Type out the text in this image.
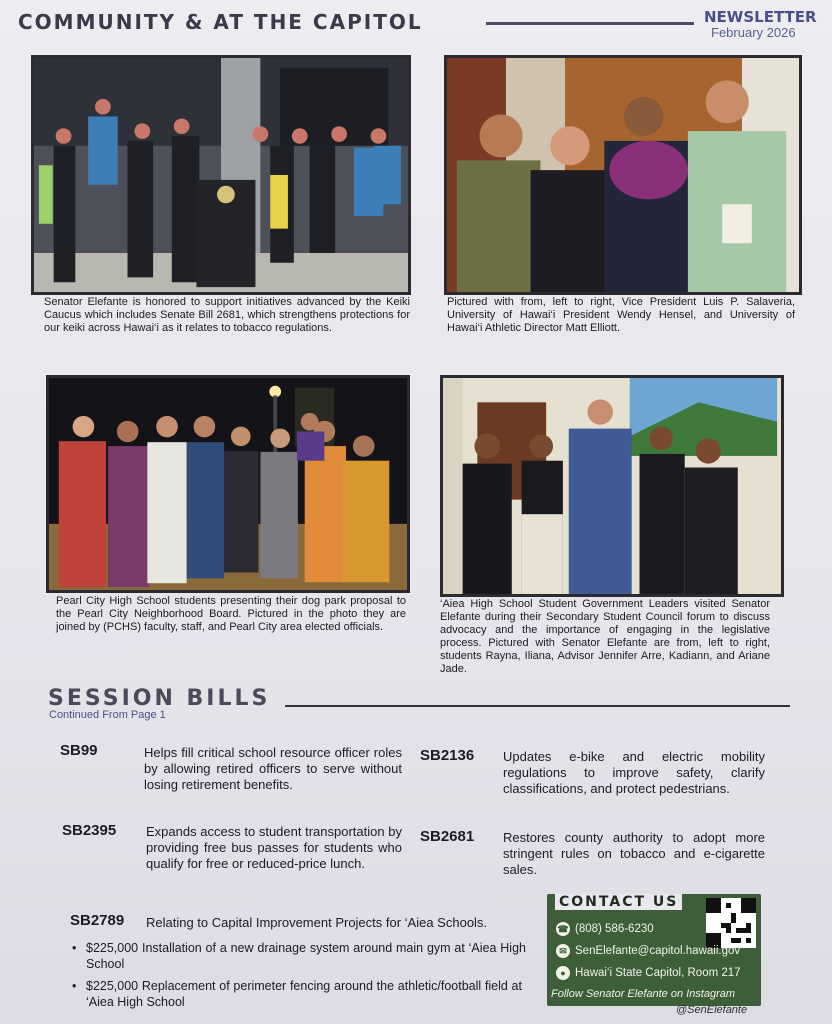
COMMUNITY & AT THE CAPITOL	NEWSLETTER
February 2026
Senator Elefante is honored to support initiatives advanced by the Keiki Caucus which includes Senate Bill 2681, which strengthens protections for our keiki across Hawai‘i as it relates to tobacco regulations.
Pictured with from, left to right, Vice President Luis P. Salaveria, University of Hawai‘i President Wendy Hensel, and University of Hawai‘i Athletic Director Matt Elliott.
Pearl City High School students presenting their dog park proposal to the Pearl City Neighborhood Board. Pictured in the photo they are joined by (PCHS) faculty, staff, and Pearl City area elected officials.
‘Aiea High School Student Government Leaders visited Senator Elefante during their Secondary Student Council forum to discuss advocacy and the importance of engaging in the legislative process. Pictured with Senator Elefante are from, left to right, students Rayna, Iliana, Advisor Jennifer Arre, Kadiann, and Ariane Jade.
SESSION BILLS
Continued From Page 1
SB99	Helps fill critical school resource officer roles by allowing retired officers to serve without losing retirement benefits.
SB2136 Updates e-bike and electric mobility regulations to improve safety, clarify classifications, and protect pedestrians.
SB2395 Expands access to student transportation by providing free bus passes for students who qualify for free or reduced-price lunch.
SB2681 Restores county authority to adopt more stringent rules on tobacco and e-cigarette sales.
SB2789 Relating to Capital Improvement Projects for ‘Aiea Schools.
• $225,000 Installation of a new drainage system around main gym at ‘Aiea High School
• $225,000 Replacement of perimeter fencing around the athletic/football field at ‘Aiea High School
CONTACT US
☎ (808) 586-6230
✉ SenElefante@capitol.hawaii.gov
● Hawai‘i State Capitol, Room 217
Follow Senator Elefante on Instagram
@SenElefante
